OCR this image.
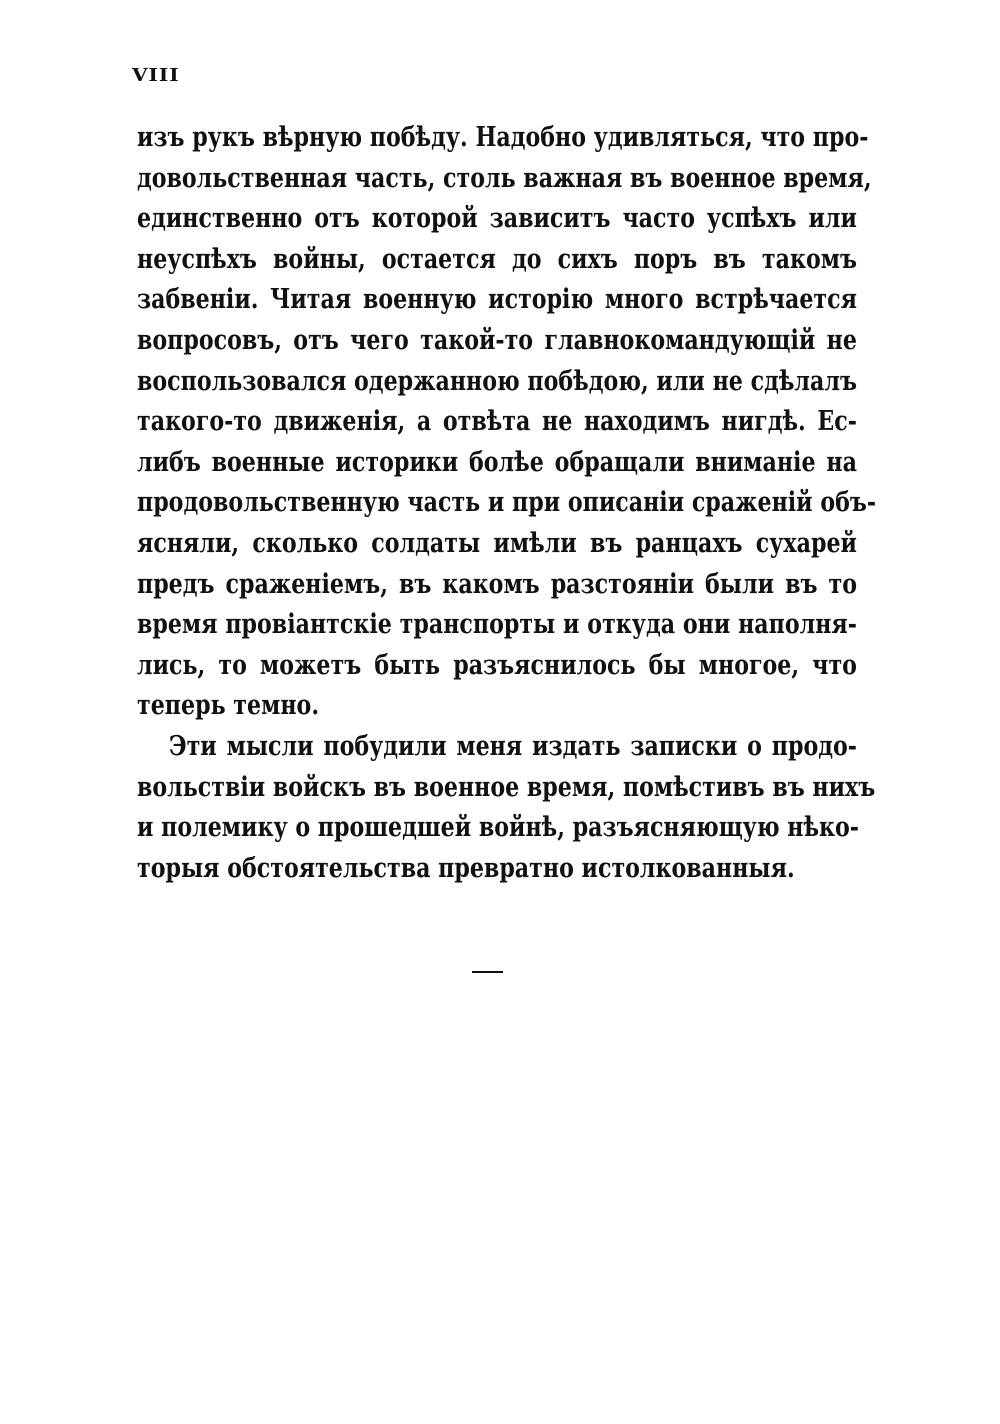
VIII
изъ рукъ вѣрную побѣду. Надобно удивляться, что про-
довольственная часть, столь важная въ военное время,
единственно отъ которой зависитъ часто успѣхъ или
неуспѣхъ войны, остается до сихъ поръ въ такомъ
забвеніи. Читая военную исторію много встрѣчается
вопросовъ, отъ чего такой-то главнокомандующій не
воспользовался одержанною побѣдою, или не сдѣлалъ
такого-то движенія, а отвѣта не находимъ нигдѣ. Ес-
либъ военные историки болѣе обращали вниманіе на
продовольственную часть и при описаніи сраженій объ-
ясняли, сколько солдаты имѣли въ ранцахъ сухарей
предъ сраженіемъ, въ какомъ разстояніи были въ то
время провіантскіе транспорты и откуда они наполня-
лись, то можетъ быть разъяснилось бы многое, что
теперь темно.
Эти мысли побудили меня издать записки о продо-
вольствіи войскъ въ военное время, помѣстивъ въ нихъ
и полемику о прошедшей войнѣ, разъясняющую нѣко-
торыя обстоятельства превратно истолкованныя.
